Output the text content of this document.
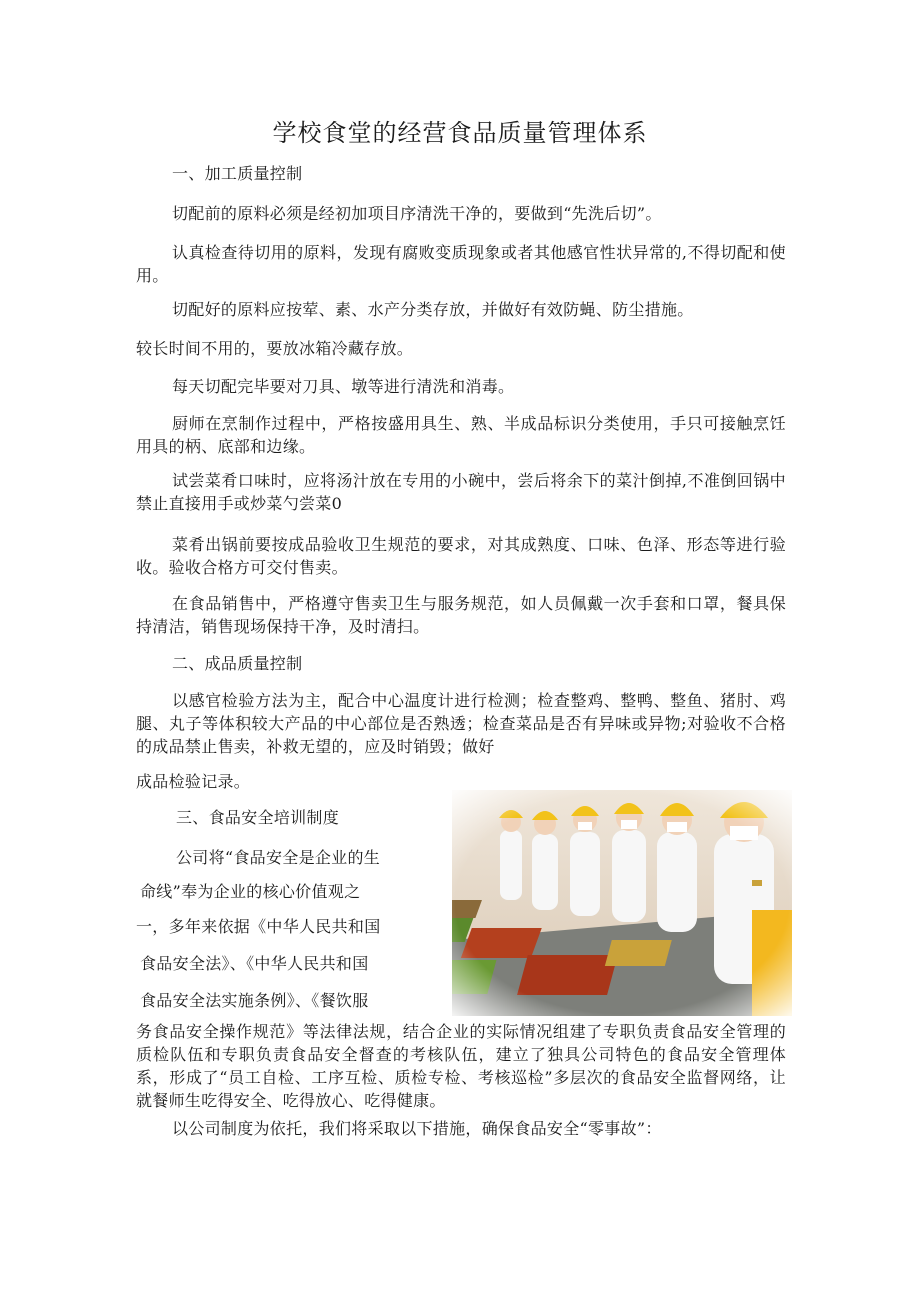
学校食堂的经营食品质量管理体系
一、加工质量控制
切配前的原料必须是经初加项目序清洗干净的，要做到“先洗后切”。
认真检查待切用的原料，发现有腐败变质现象或者其他感官性状异常的,不得切配和使用。
切配好的原料应按荤、素、水产分类存放，并做好有效防蝇、防尘措施。
较长时间不用的，要放冰箱冷藏存放。
每天切配完毕要对刀具、墩等进行清洗和消毒。
厨师在烹制作过程中，严格按盛用具生、熟、半成品标识分类使用，手只可接触烹饪用具的柄、底部和边缘。
试尝菜肴口味时，应将汤汁放在专用的小碗中，尝后将余下的菜汁倒掉,不准倒回锅中禁止直接用手或炒菜勺尝菜0
菜肴出锅前要按成品验收卫生规范的要求，对其成熟度、口味、色泽、形态等进行验收。验收合格方可交付售卖。
在食品销售中，严格遵守售卖卫生与服务规范，如人员佩戴一次手套和口罩，餐具保持清洁，销售现场保持干净，及时清扫。
二、成品质量控制
以感官检验方法为主，配合中心温度计进行检测；检查整鸡、整鸭、整鱼、猪肘、鸡腿、丸子等体积较大产品的中心部位是否熟透；检查菜品是否有异味或异物;对验收不合格的成品禁止售卖，补救无望的，应及时销毁；做好
成品检验记录。
三、食品安全培训制度
公司将“食品安全是企业的生
命线”奉为企业的核心价值观之
一，多年来依据《中华人民共和国
食品安全法》、《中华人民共和国
食品安全法实施条例》、《餐饮服
务食品安全操作规范》等法律法规，结合企业的实际情况组建了专职负责食品安全管理的质检队伍和专职负责食品安全督查的考核队伍，建立了独具公司特色的食品安全管理体系，形成了“员工自检、工序互检、质检专检、考核巡检”多层次的食品安全监督网络，让就餐师生吃得安全、吃得放心、吃得健康。
以公司制度为依托，我们将采取以下措施，确保食品安全“零事故”：
